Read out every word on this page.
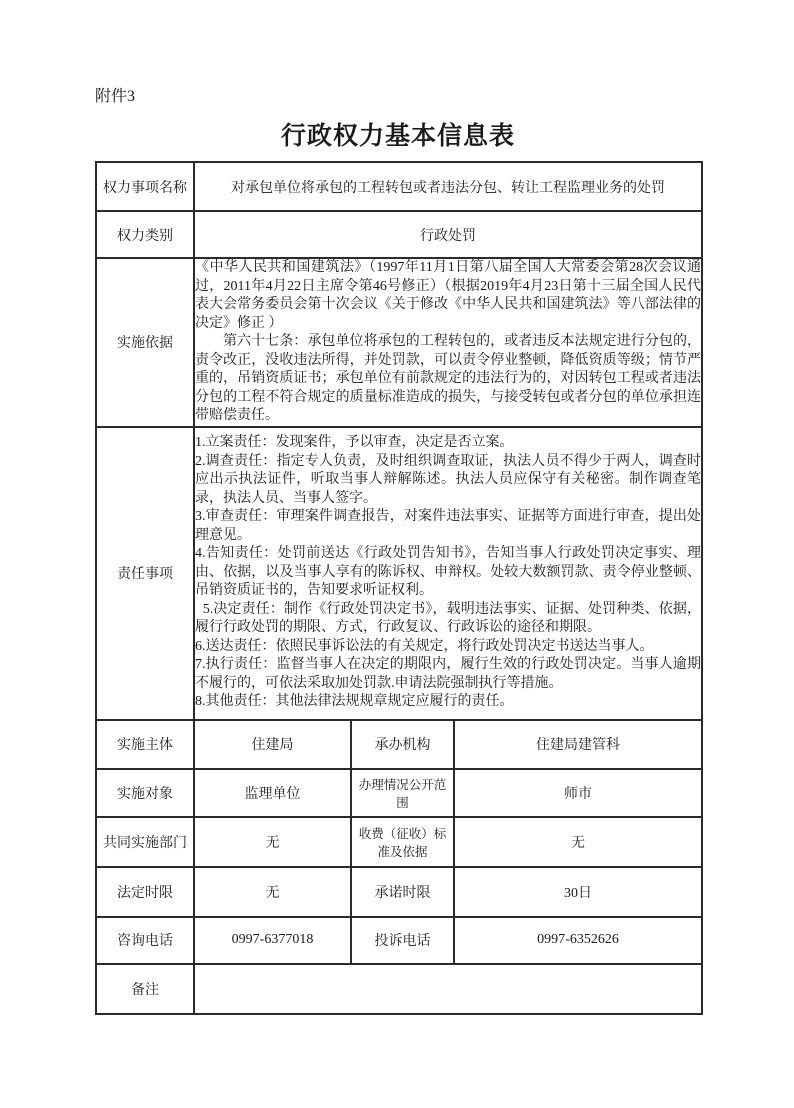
附件3
行政权力基本信息表
权力事项名称	对承包单位将承包的工程转包或者违法分包、转让工程监理业务的处罚		
权力类别	行政处罚		
实施依据	《中华人民共和国建筑法》（1997年11月1日第八届全国人大常委会第28次会议通过，2011年4月22日主席令第46号修正）（根据2019年4月23日第十三届全国人民代表大会常务委员会第十次会议《关于修改《中华人民共和国建筑法》等八部法律的决定》修正 ）

第六十七条：承包单位将承包的工程转包的，或者违反本法规定进行分包的，责令改正，没收违法所得，并处罚款，可以责令停业整顿，降低资质等级；情节严重的，吊销资质证书；承包单位有前款规定的违法行为的，对因转包工程或者违法分包的工程不符合规定的质量标准造成的损失，与接受转包或者分包的单位承担连带赔偿责任。		

责任事项	

1.立案责任：发现案件，予以审查，决定是否立案。

2.调查责任：指定专人负责，及时组织调查取证，执法人员不得少于两人，调查时应出示执法证件，听取当事人辩解陈述。执法人员应保守有关秘密。制作调查笔录，执法人员、当事人签字。

3.审查责任：审理案件调查报告，对案件违法事实、证据等方面进行审查，提出处理意见。

4.告知责任：处罚前送达《行政处罚告知书》，告知当事人行政处罚决定事实、理由、依据，以及当事人享有的陈诉权、申辩权。处较大数额罚款、责令停业整顿、吊销资质证书的，告知要求听证权利。

5.决定责任：制作《行政处罚决定书》，载明违法事实、证据、处罚种类、依据，履行行政处罚的期限、方式，行政复议、行政诉讼的途径和期限。

6.送达责任：依照民事诉讼法的有关规定，将行政处罚决定书送达当事人。

7.执行责任：监督当事人在决定的期限内，履行生效的行政处罚决定。当事人逾期不履行的，可依法采取加处罚款.申请法院强制执行等措施。

8.其他责任：其他法律法规规章规定应履行的责任。

实施主体	住建局	承办机构	住建局建管科
实施对象	监理单位	办理情况公开范围	师市
共同实施部门	无	收费（征收）标准及依据	无
法定时限	无	承诺时限	30日
咨询电话	0997-6377018	投诉电话	0997-6352626
备注			
